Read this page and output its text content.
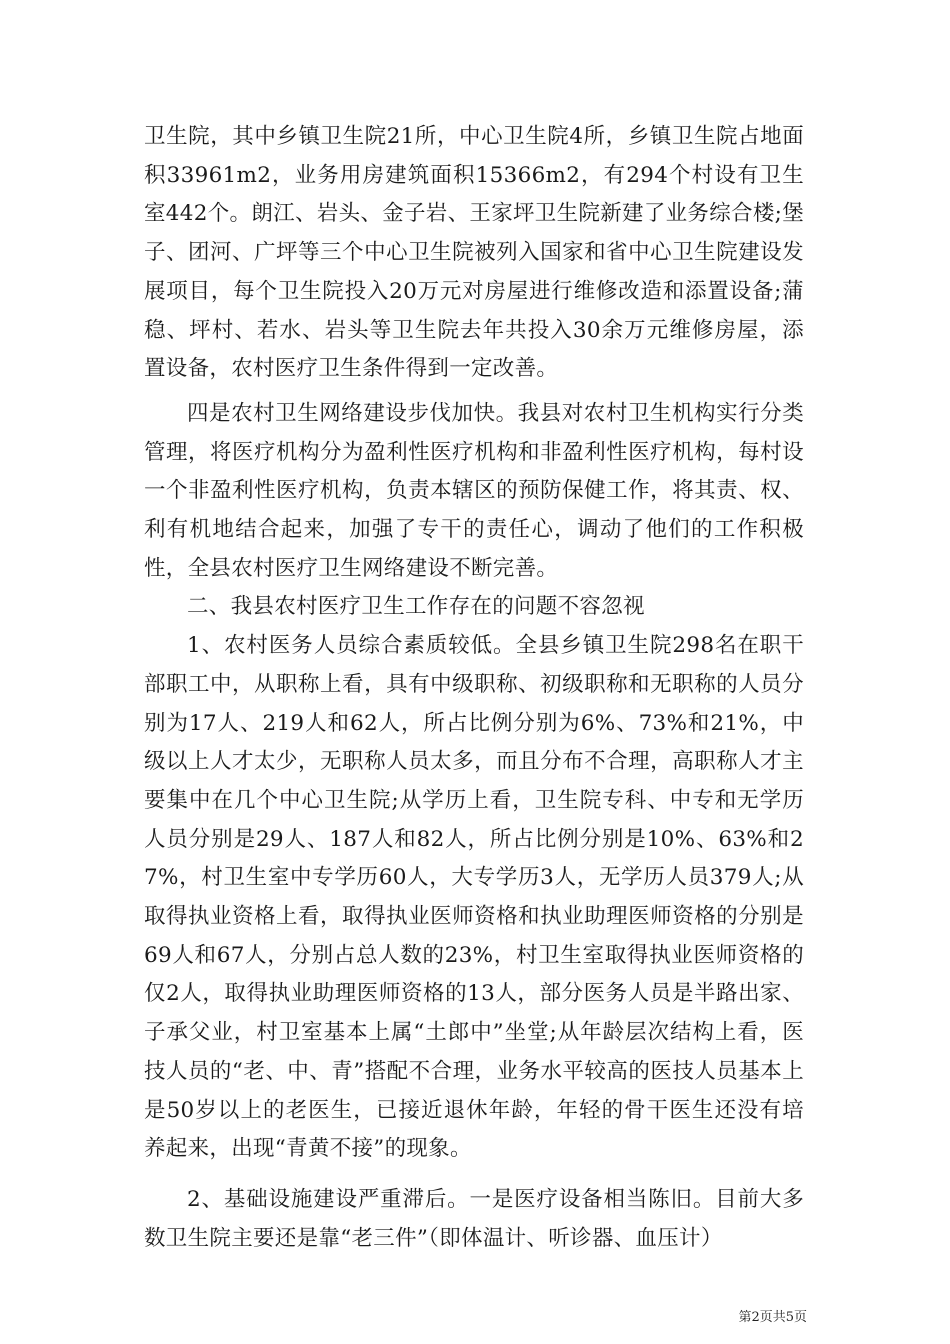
卫生院，其中乡镇卫生院21所，中心卫生院4所，乡镇卫生院占地面积33961m2，业务用房建筑面积15366m2，有294个村设有卫生室442个。朗江、岩头、金子岩、王家坪卫生院新建了业务综合楼;堡子、团河、广坪等三个中心卫生院被列入国家和省中心卫生院建设发展项目，每个卫生院投入20万元对房屋进行维修改造和添置设备;蒲稳、坪村、若水、岩头等卫生院去年共投入30余万元维修房屋，添置设备，农村医疗卫生条件得到一定改善。

四是农村卫生网络建设步伐加快。我县对农村卫生机构实行分类管理，将医疗机构分为盈利性医疗机构和非盈利性医疗机构，每村设一个非盈利性医疗机构，负责本辖区的预防保健工作，将其责、权、利有机地结合起来，加强了专干的责任心，调动了他们的工作积极性，全县农村医疗卫生网络建设不断完善。

二、我县农村医疗卫生工作存在的问题不容忽视

1、农村医务人员综合素质较低。全县乡镇卫生院298名在职干部职工中，从职称上看，具有中级职称、初级职称和无职称的人员分别为17人、219人和62人，所占比例分别为6%、73%和21%，中级以上人才太少，无职称人员太多，而且分布不合理，高职称人才主要集中在几个中心卫生院;从学历上看，卫生院专科、中专和无学历人员分别是29人、187人和82人，所占比例分别是10%、63%和27%，村卫生室中专学历60人，大专学历3人，无学历人员379人;从取得执业资格上看，取得执业医师资格和执业助理医师资格的分别是69人和67人，分别占总人数的23%，村卫生室取得执业医师资格的仅2人，取得执业助理医师资格的13人，部分医务人员是半路出家、子承父业，村卫室基本上属“土郎中”坐堂;从年龄层次结构上看，医技人员的“老、中、青”搭配不合理，业务水平较高的医技人员基本上是50岁以上的老医生，已接近退休年龄，年轻的骨干医生还没有培养起来，出现“青黄不接”的现象。

2、基础设施建设严重滞后。一是医疗设备相当陈旧。目前大多数卫生院主要还是靠“老三件”（即体温计、听诊器、血压计）

第2页共5页
